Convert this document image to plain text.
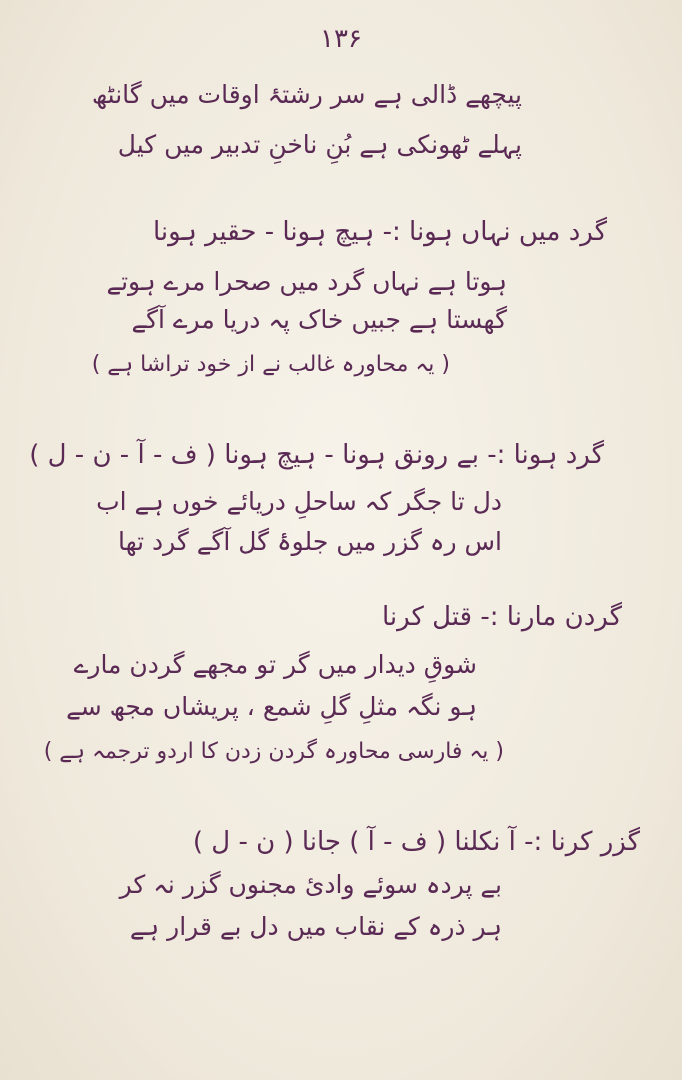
۱۳۶
پیچھے ڈالی ہے سر رشتۂ اوقات میں گانٹھ
پہلے ٹھونکی ہے بُنِ ناخنِ تدبیر میں کیل
گرد میں نہاں ہونا :- ہیچ ہونا - حقیر ہونا
ہوتا ہے نہاں گرد میں صحرا مرے ہوتے
گھستا ہے جبیں خاک پہ دریا مرے آگے
( یہ محاورہ غالب نے از خود تراشا ہے )
گرد ہونا :- بے رونق ہونا - ہیچ ہونا ( ف - آ - ن - ل )
دل تا جگر کہ ساحلِ دریائے خوں ہے اب
اس رہ گزر میں جلوۂ گل آگے گرد تھا
گردن مارنا :- قتل کرنا
شوقِ دیدار میں گر تو مجھے گردن مارے
ہو نگہ مثلِ گلِ شمع ، پریشاں مجھ سے
( یہ فارسی محاورہ گردن زدن کا اردو ترجمہ ہے )
گزر کرنا :- آ نکلنا ( ف - آ ) جانا ( ن - ل )
بے پردہ سوئے وادیٔ مجنوں گزر نہ کر
ہر ذرہ کے نقاب میں دل بے قرار ہے
